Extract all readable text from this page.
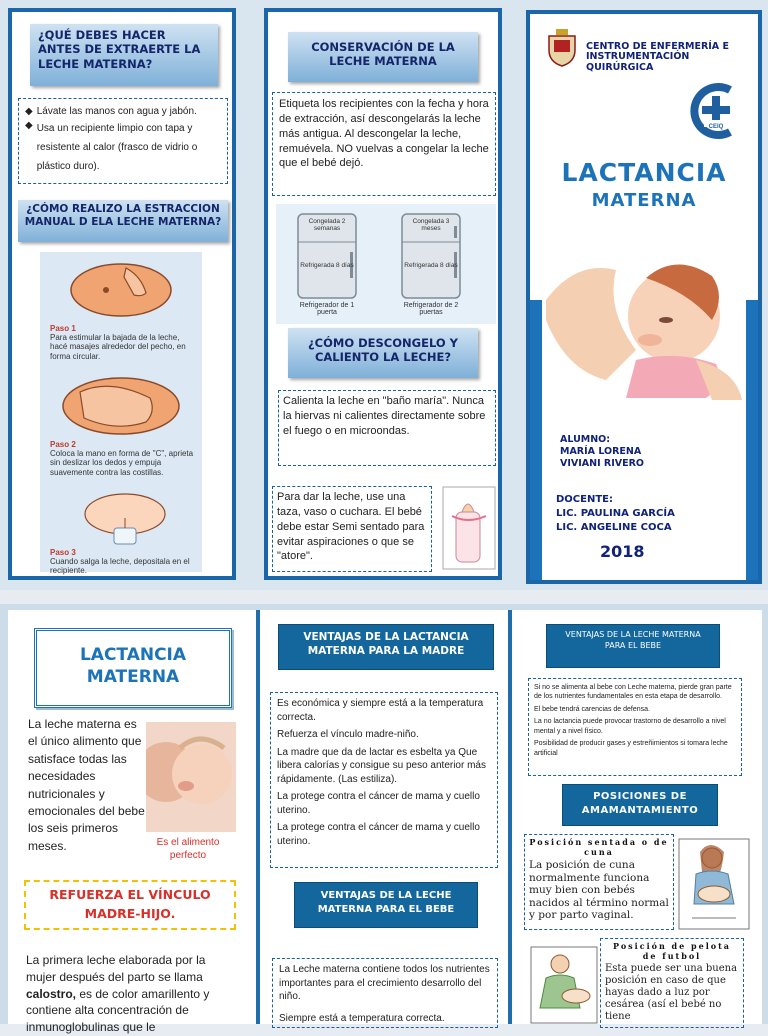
¿QUÉ DEBES HACER ANTES DE EXTRAERTE LA LECHE MATERNA?
◆ Lávate las manos con agua y jabón.
◆ Usa un recipiente limpio con tapa y resistente al calor (frasco de vidrio o plástico duro).
¿CÓMO REALIZO LA ESTRACCION MANUAL D ELA LECHE MATERNA?
Paso 1
Para estimular la bajada de la leche, hacé masajes alrededor del pecho, en forma circular.
Paso 2
Coloca la mano en forma de "C", aprieta sin deslizar los dedos y empuja suavemente contra las costillas.
Paso 3
Cuando salga la leche, depositala en el recipiente.
CONSERVACIÓN DE LA LECHE MATERNA
Etiqueta los recipientes con la fecha y hora de extracción, así descongelarás la leche más antigua. Al descongelar la leche, remuévela. NO vuelvas a congelar la leche que el bebé dejó.
Congelada 2 semanas
Refrigerada 8 días
Refrigerador de 1 puerta
Congelada 3 meses
Refrigerada 8 días
Refrigerador de 2 puertas
¿CÓMO DESCONGELO Y CALIENTO LA LECHE?
Calienta la leche en "baño maría". Nunca la hiervas ni calientes directamente sobre el fuego o en microondas.
Para dar la leche, use una taza, vaso o cuchara. El bebé debe estar Semi sentado para evitar aspiraciones o que se "atore".
CENTRO DE ENFERMERÍA E INSTRUMENTACIÓN QUIRÚRGICA
CEIQ
LACTANCIA
MATERNA
ALUMNO:
MARÍA LORENA
VIVIANI RIVERO
DOCENTE:
LIC. PAULINA GARCÍA
LIC. ANGELINE COCA
2018
LACTANCIA
MATERNA
La leche materna es el único alimento que satisface todas las necesidades nutricionales y emocionales del bebe los seis primeros meses.	Es el alimento perfecto
REFUERZA EL VÍNCULO MADRE-HIJO.
La primera leche elaborada por la mujer después del parto se llama calostro, es de color amarillento y contiene alta concentración de inmunoglobulinas que le
VENTAJAS DE LA LACTANCIA MATERNA PARA LA MADRE
Es económica y siempre está a la temperatura correcta.
Refuerza el vínculo madre-niño.
La madre que da de lactar es esbelta ya Que libera calorías y consigue su peso anterior más rápidamente. (Las estiliza).
La protege contra el cáncer de mama y cuello uterino.
La protege contra el cáncer de mama y cuello uterino.
VENTAJAS DE LA LECHE MATERNA PARA EL BEBE
La Leche materna contiene todos los nutrientes importantes para el crecimiento desarrollo del niño.
Siempre está a temperatura correcta.
VENTAJAS DE LA LECHE MATERNA PARA EL BEBE
Si no se alimenta al bebe con Leche materna, pierde gran parte de los nutrientes fundamentales en esta etapa de desarrollo.
El bebe tendrá carencias de defensa.
La no lactancia puede provocar trastorno de desarrollo a nivel mental y a nivel físico.
Posibilidad de producir gases y estreñimientos si tomara leche artificial
POSICIONES DE AMAMANTAMIENTO
Posición sentada o de cuna
La posición de cuna normalmente funciona muy bien con bebés nacidos al término normal y por parto vaginal.
Posición de pelota de futbol
Esta puede ser una buena posición en caso de que hayas dado a luz por cesárea (así el bebé no tiene
